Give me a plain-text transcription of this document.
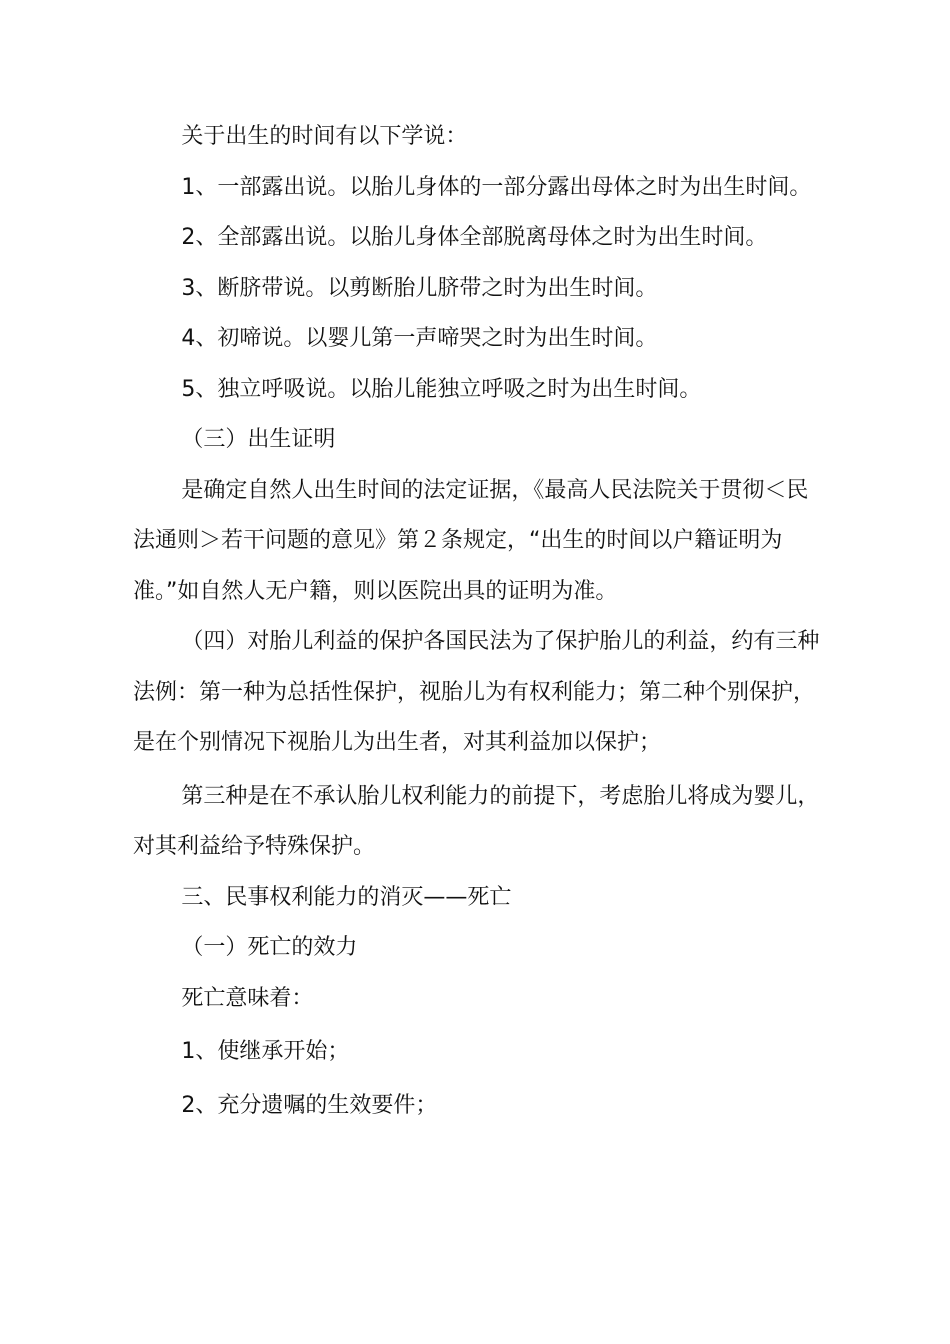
关于出生的时间有以下学说：

1、一部露出说。以胎儿身体的一部分露出母体之时为出生时间。

2、全部露出说。以胎儿身体全部脱离母体之时为出生时间。

3、断脐带说。以剪断胎儿脐带之时为出生时间。

4、初啼说。以婴儿第一声啼哭之时为出生时间。

5、独立呼吸说。以胎儿能独立呼吸之时为出生时间。

（三）出生证明

是确定自然人出生时间的法定证据，《最高人民法院关于贯彻＜民法通则＞若干问题的意见》第２条规定，“出生的时间以户籍证明为准。”如自然人无户籍，则以医院出具的证明为准。

（四）对胎儿利益的保护各国民法为了保护胎儿的利益，约有三种法例：第一种为总括性保护，视胎儿为有权利能力；第二种个别保护，是在个别情况下视胎儿为出生者，对其利益加以保护；

第三种是在不承认胎儿权利能力的前提下，考虑胎儿将成为婴儿，对其利益给予特殊保护。

三、民事权利能力的消灭——死亡

（一）死亡的效力

死亡意味着：

1、使继承开始；

2、充分遗嘱的生效要件；
